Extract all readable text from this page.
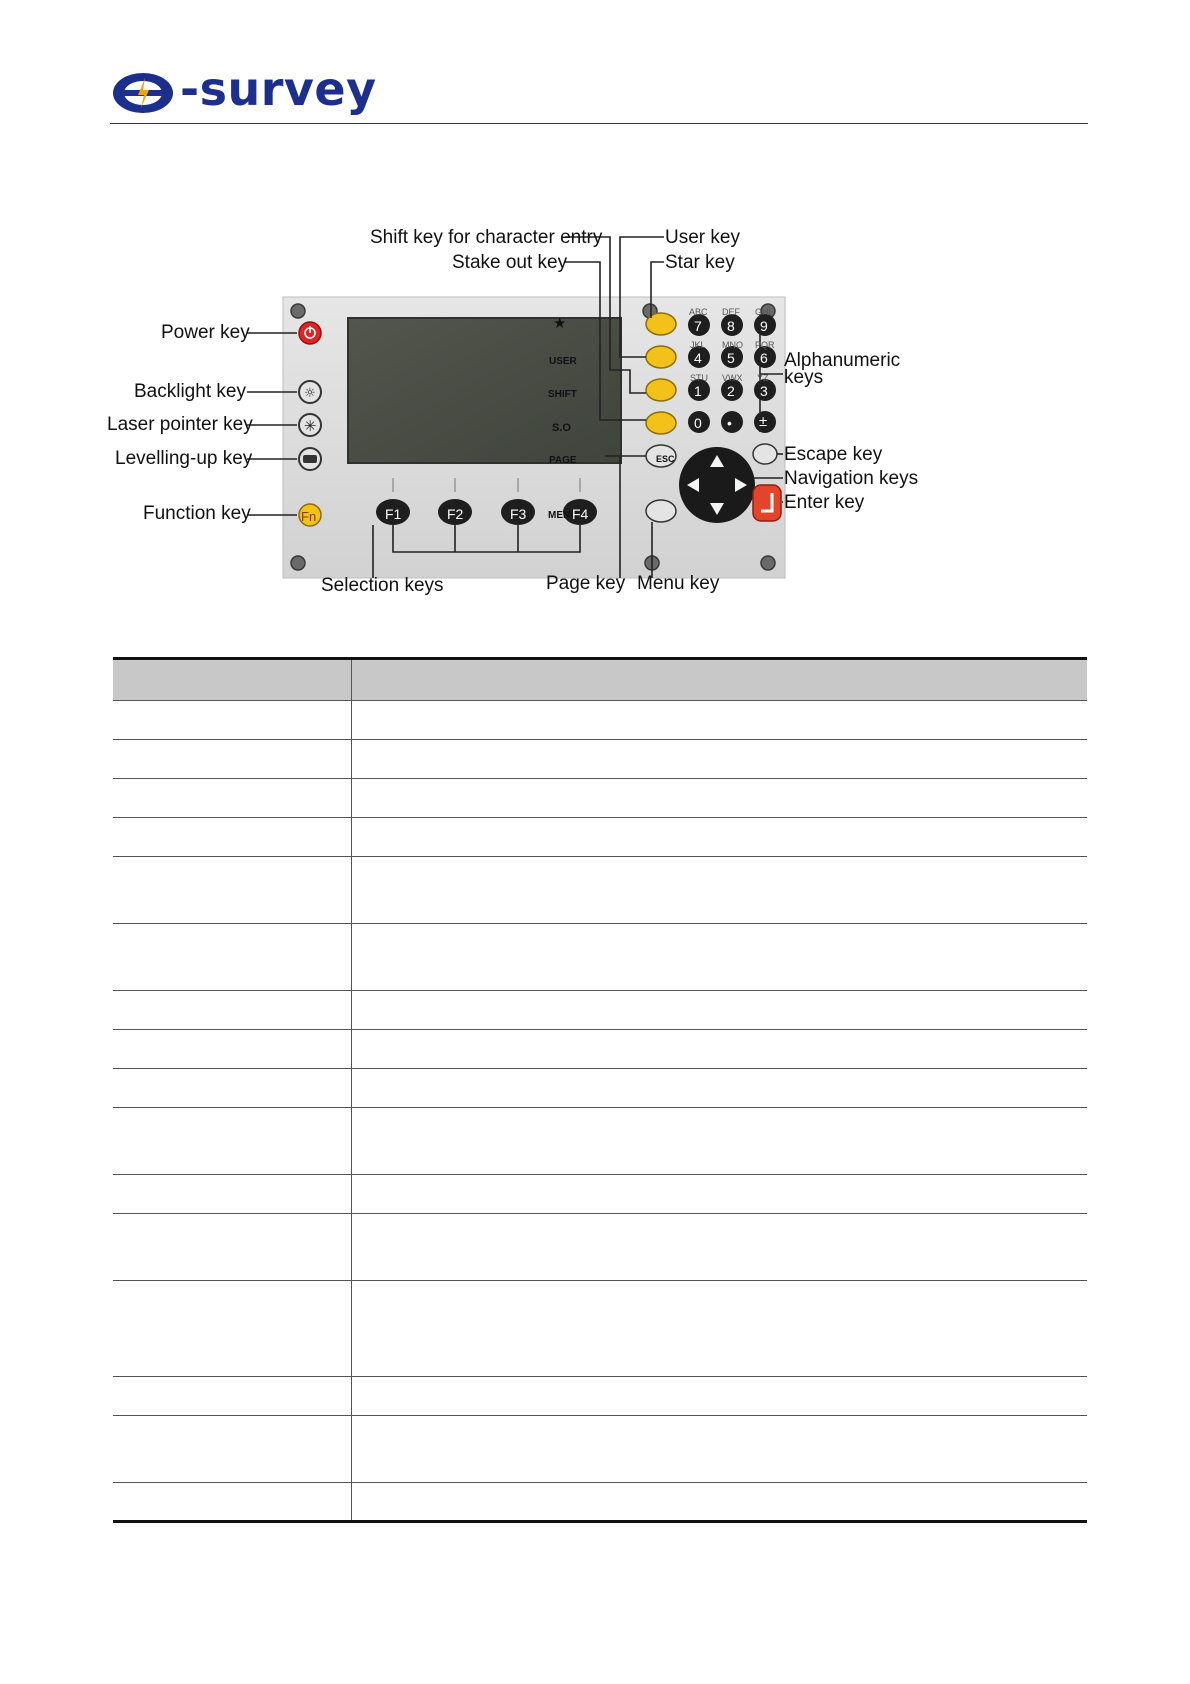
-survey
☼
✳
★
USER
SHIFT
S.O
PAGE
MENU
Fn
ESC
F1	F2	F3	F4
7 8 9
4 5 6
1 2 3
0 • ±
ABC DEF GHI
JKL MNO PQR
STU VWX YZ
Shift key for character entry	User key
Stake out key	Star key
Power key
Backlight key
Laser pointer key
Levelling-up key
Function key
Alphanumeric
keys
Escape key
Navigation keys
Enter key
Selection keys	Page key Menu key
